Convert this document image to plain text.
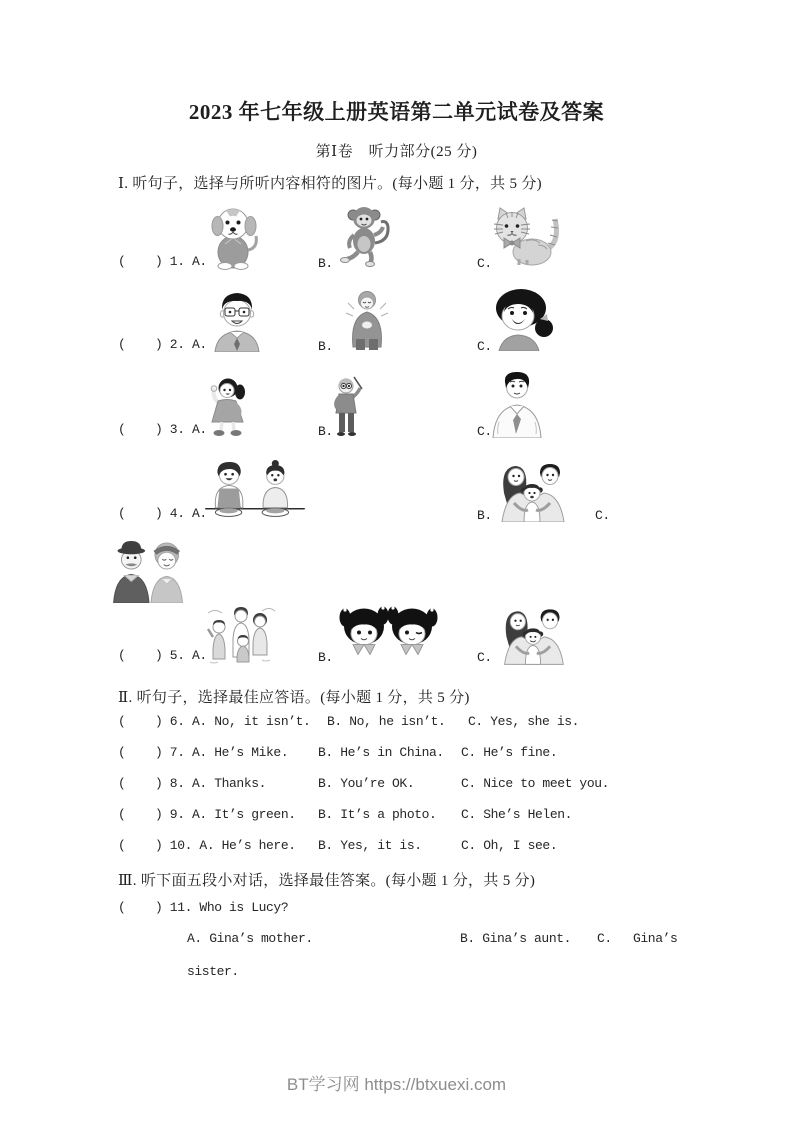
2023 年七年级上册英语第二单元试卷及答案
第Ⅰ卷　听力部分(25 分)
Ⅰ. 听句子，选择与所听内容相符的图片。(每小题 1 分，共 5 分)
(    ) 1. A.	B.	C.
(    ) 2. A.	B.	C.
(    ) 3. A.	B.	C.
(    ) 4. A.	B.	C.
(    ) 5. A.	B.	C.
Ⅱ. 听句子，选择最佳应答语。(每小题 1 分，共 5 分)
(    ) 6. A. No, it isn’t. B. No, he isn’t. C. Yes, she is.
(    ) 7. A. He’s Mike. B. He’s in China. C. He’s fine.
(    ) 8. A. Thanks.	B. You’re OK.	C. Nice to meet you.
(    ) 9. A. It’s green. B. It’s a photo. C. She’s Helen.
(    ) 10. A. He’s here. B. Yes, it is.	C. Oh, I see.
Ⅲ. 听下面五段小对话，选择最佳答案。(每小题 1 分，共 5 分)
(    ) 11. Who is Lucy?
A. Gina’s mother.	B. Gina’s aunt. C. Gina’s
sister.
BT学习网 https://btxuexi.com
